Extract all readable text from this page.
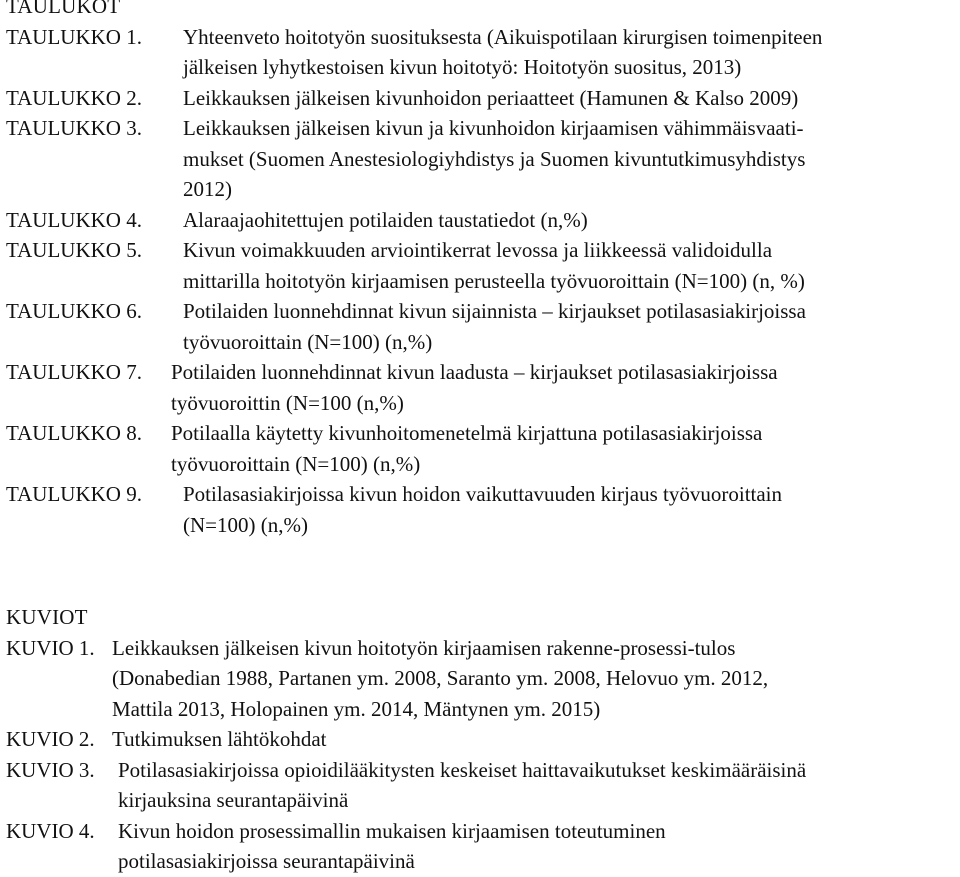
TAULUKOT
TAULUKKO 1.	Yhteenveto hoitotyön suosituksesta (Aikuispotilaan kirurgisen toimenpiteen
jälkeisen lyhytkestoisen kivun hoitotyö: Hoitotyön suositus, 2013)
TAULUKKO 2.	Leikkauksen jälkeisen kivunhoidon periaatteet (Hamunen & Kalso 2009)
TAULUKKO 3.	Leikkauksen jälkeisen kivun ja kivunhoidon kirjaamisen vähimmäisvaati-
mukset (Suomen Anestesiologiyhdistys ja Suomen kivuntutkimusyhdistys
2012)
TAULUKKO 4.	Alaraajaohitettujen potilaiden taustatiedot (n,%)
TAULUKKO 5.	Kivun voimakkuuden arviointikerrat levossa ja liikkeessä validoidulla
mittarilla hoitotyön kirjaamisen perusteella työvuoroittain (N=100) (n, %)
TAULUKKO 6.	Potilaiden luonnehdinnat kivun sijainnista – kirjaukset potilasasiakirjoissa
työvuoroittain (N=100) (n,%)
TAULUKKO 7.	Potilaiden luonnehdinnat kivun laadusta – kirjaukset potilasasiakirjoissa
työvuoroittin (N=100 (n,%)
TAULUKKO 8.	Potilaalla käytetty kivunhoitomenetelmä kirjattuna potilasasiakirjoissa
työvuoroittain (N=100) (n,%)
TAULUKKO 9.	Potilasasiakirjoissa kivun hoidon vaikuttavuuden kirjaus työvuoroittain
(N=100) (n,%)
KUVIOT
KUVIO 1. Leikkauksen jälkeisen kivun hoitotyön kirjaamisen rakenne-prosessi-tulos
(Donabedian 1988, Partanen ym. 2008, Saranto ym. 2008, Helovuo ym. 2012,
Mattila 2013, Holopainen ym. 2014, Mäntynen ym. 2015)
KUVIO 2. Tutkimuksen lähtökohdat
KUVIO 3.	Potilasasiakirjoissa opioidilääkitysten keskeiset haittavaikutukset keskimääräisinä
kirjauksina seurantapäivinä
KUVIO 4.	Kivun hoidon prosessimallin mukaisen kirjaamisen toteutuminen
potilasasiakirjoissa seurantapäivinä
